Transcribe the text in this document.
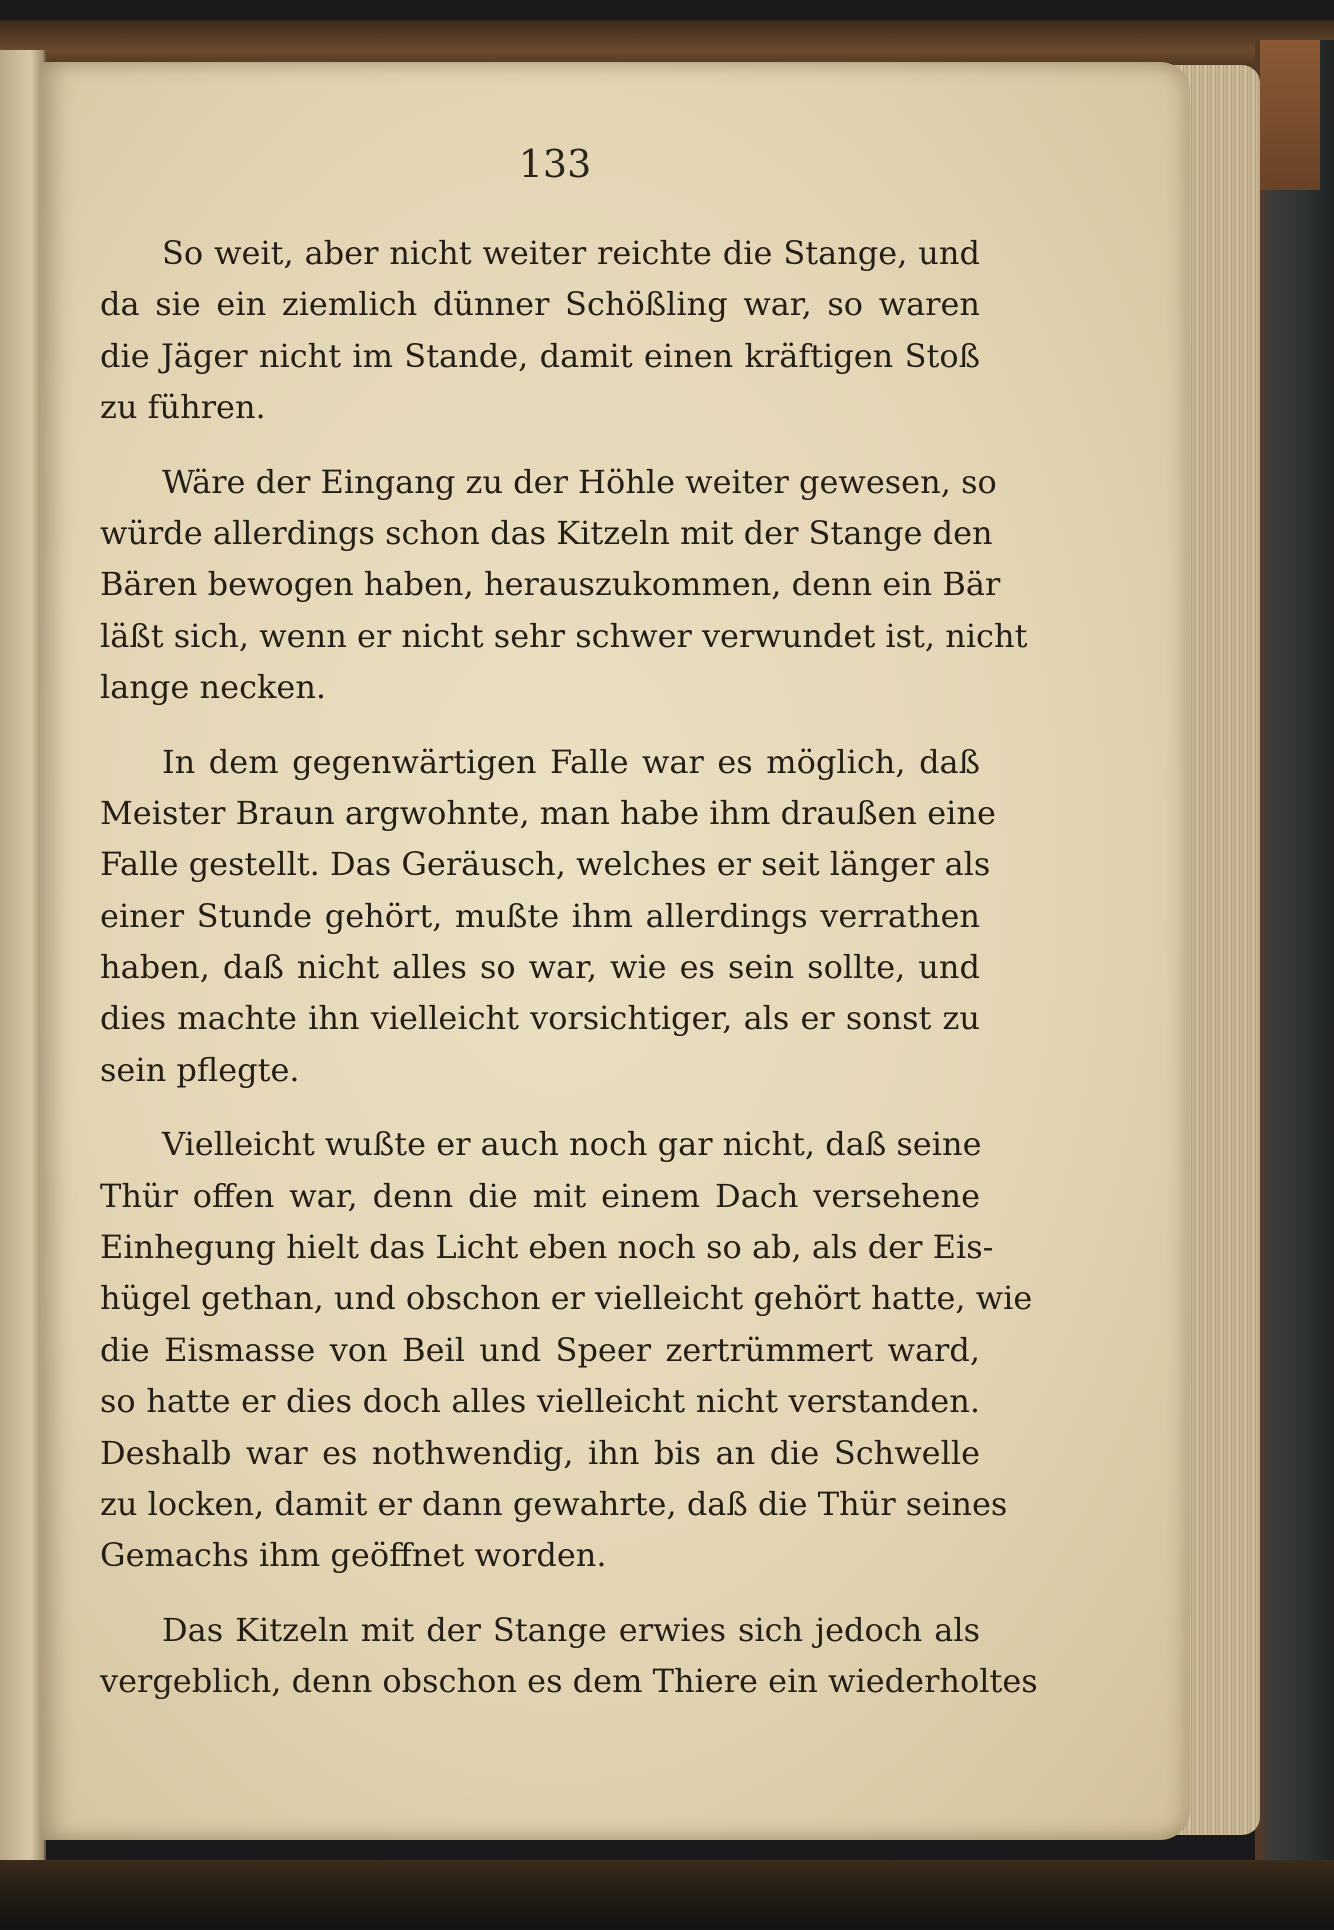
133
So weit, aber nicht weiter reichte die Stange, und
da sie ein ziemlich dünner Schößling war, so waren
die Jäger nicht im Stande, damit einen kräftigen Stoß
zu führen.
Wäre der Eingang zu der Höhle weiter gewesen, so
würde allerdings schon das Kitzeln mit der Stange den
Bären bewogen haben, herauszukommen, denn ein Bär
läßt sich, wenn er nicht sehr schwer verwundet ist, nicht
lange necken.
In dem gegenwärtigen Falle war es möglich, daß
Meister Braun argwohnte, man habe ihm draußen eine
Falle gestellt. Das Geräusch, welches er seit länger als
einer Stunde gehört, mußte ihm allerdings verrathen
haben, daß nicht alles so war, wie es sein sollte, und
dies machte ihn vielleicht vorsichtiger, als er sonst zu
sein pflegte.
Vielleicht wußte er auch noch gar nicht, daß seine
Thür offen war, denn die mit einem Dach versehene
Einhegung hielt das Licht eben noch so ab, als der Eis-
hügel gethan, und obschon er vielleicht gehört hatte, wie
die Eismasse von Beil und Speer zertrümmert ward,
so hatte er dies doch alles vielleicht nicht verstanden.
Deshalb war es nothwendig, ihn bis an die Schwelle
zu locken, damit er dann gewahrte, daß die Thür seines
Gemachs ihm geöffnet worden.
Das Kitzeln mit der Stange erwies sich jedoch als
vergeblich, denn obschon es dem Thiere ein wiederholtes
